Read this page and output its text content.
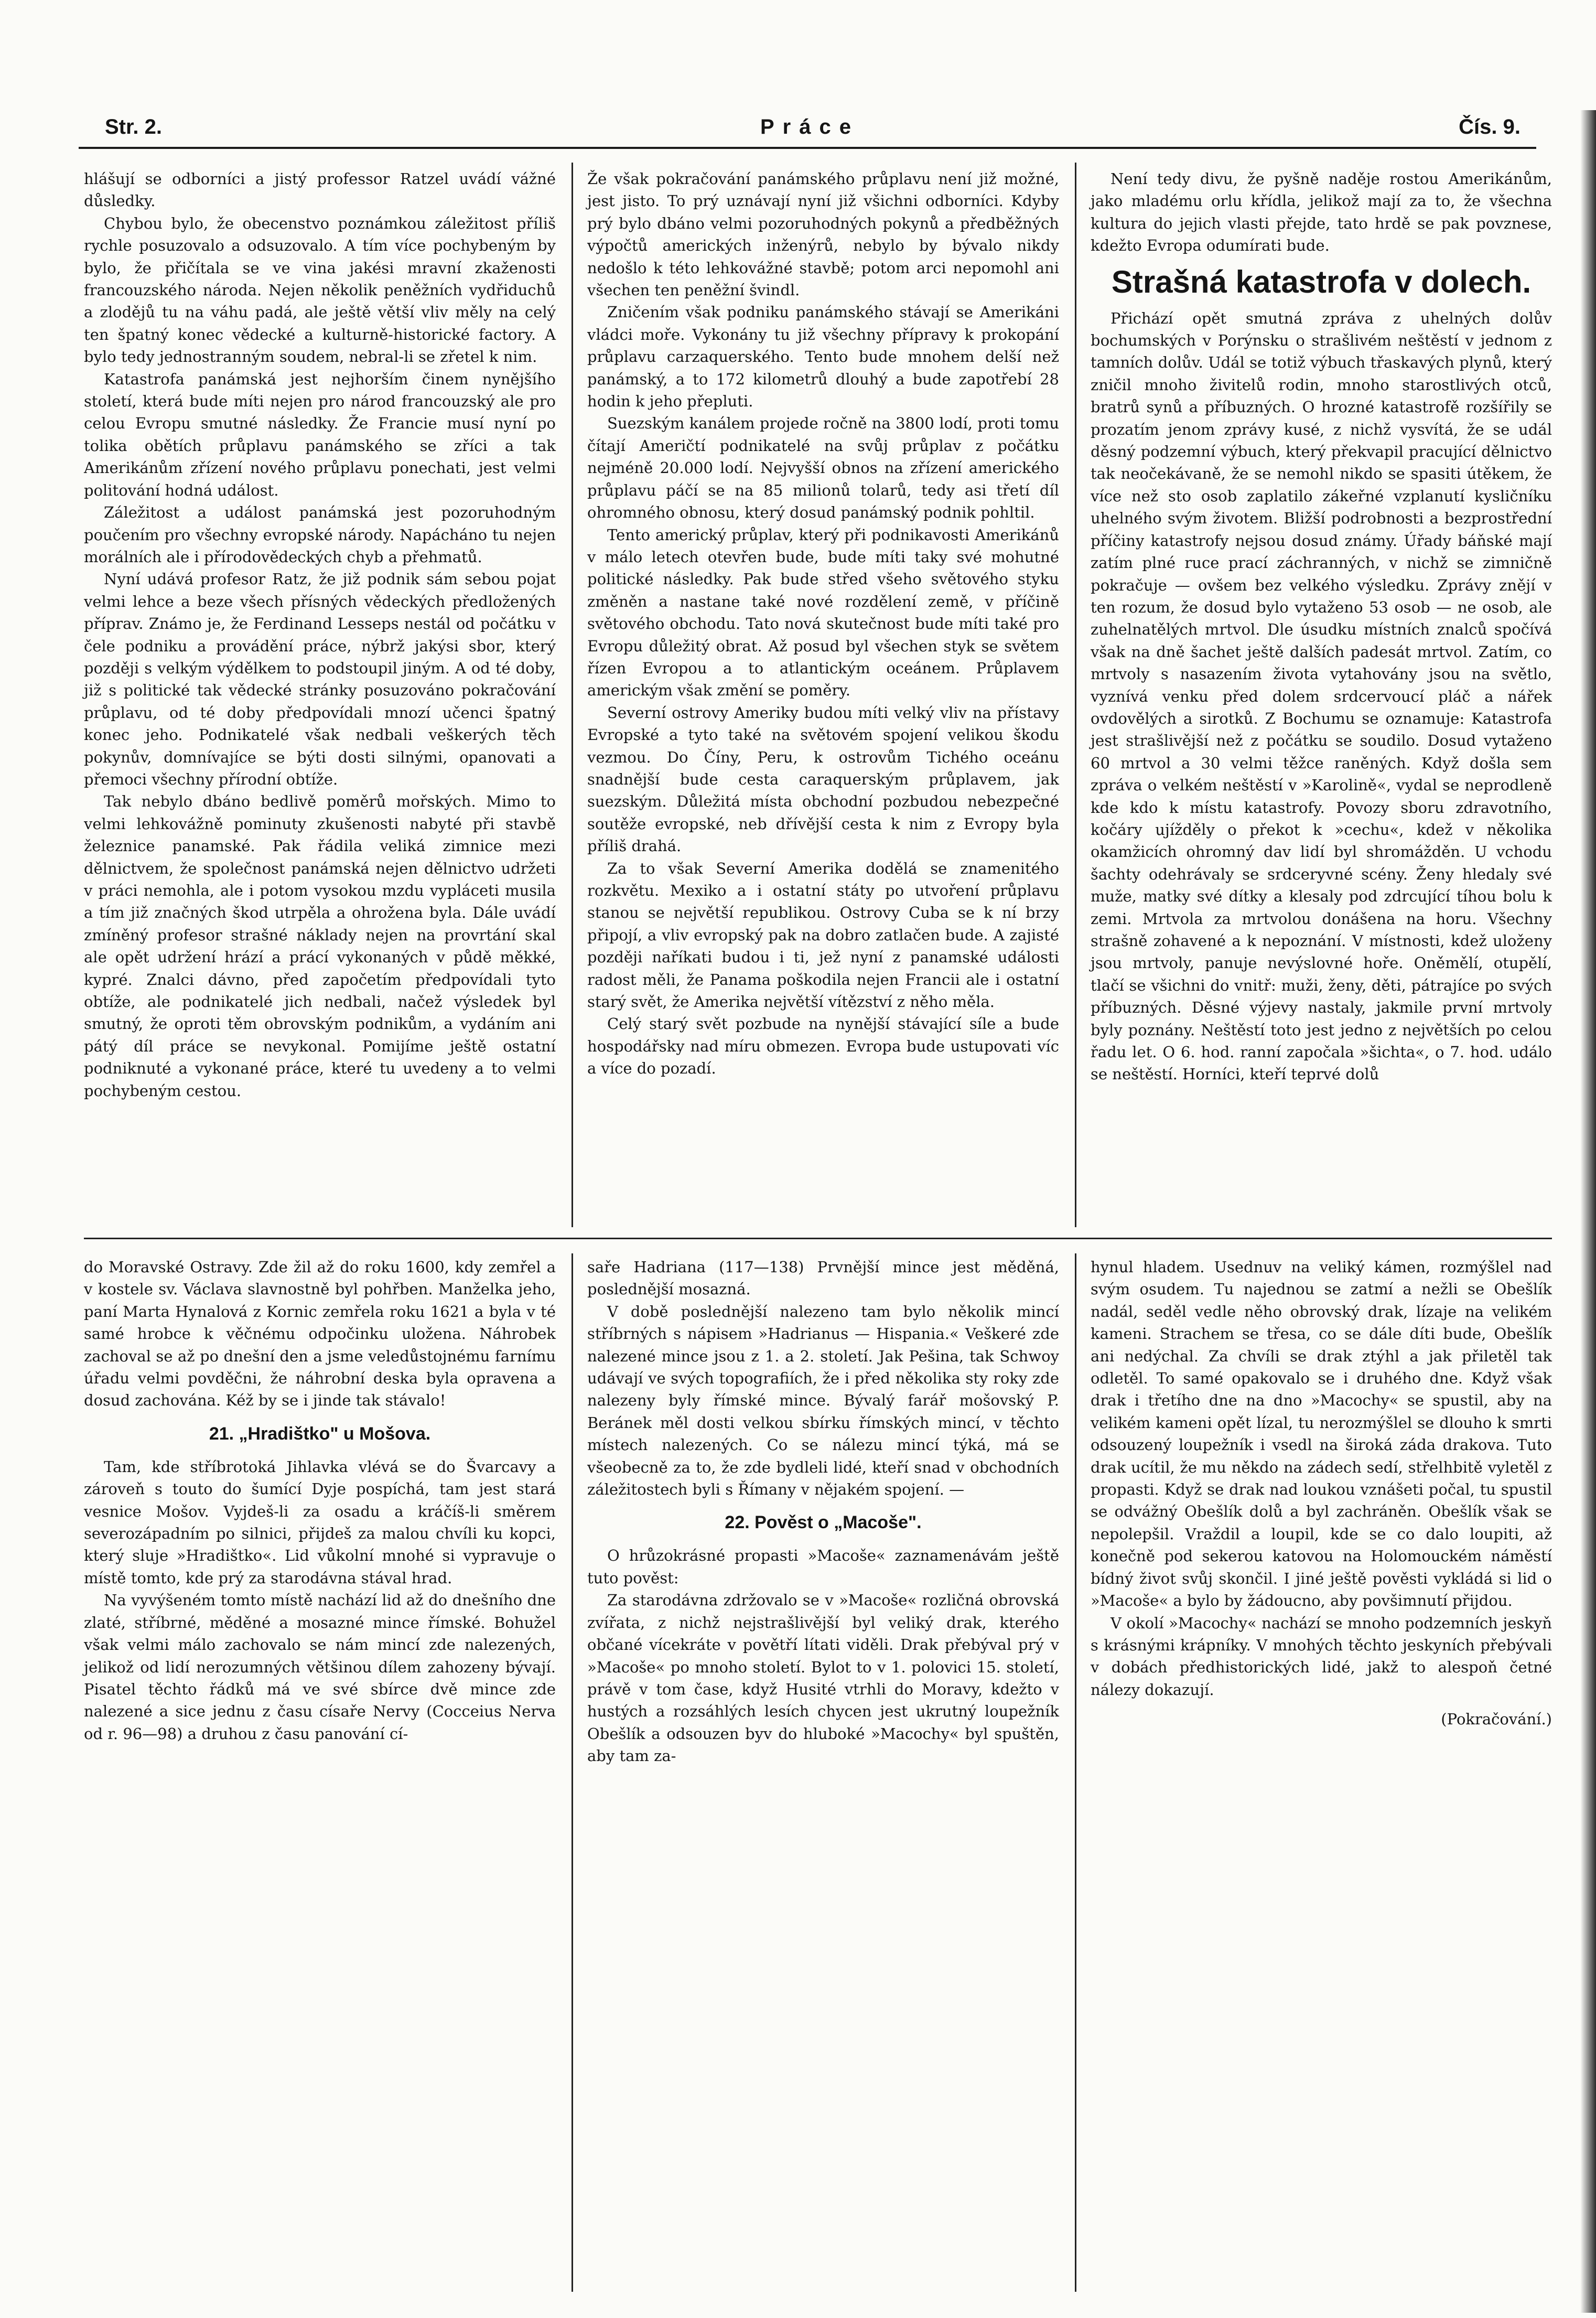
Str. 2.	Práce	Čís. 9.

hlášují se odborníci a jistý professor Ratzel uvádí vážné důsledky.

Chybou bylo, že obecenstvo poznámkou záležitost příliš rychle posuzovalo a odsuzovalo. A tím více pochybeným by bylo, že přičítala se ve vina jakési mravní zkaženosti francouzského národa. Nejen několik peněžních vydřiduchů a zlodějů tu na váhu padá, ale ještě větší vliv měly na celý ten špatný konec vědecké a kulturně-historické factory. A bylo tedy jednostranným soudem, nebral-li se zřetel k nim.

Katastrofa panámská jest nejhorším činem nynějšího století, která bude míti nejen pro národ francouzský ale pro celou Evropu smutné následky. Že Francie musí nyní po tolika obětích průplavu panámského se zříci a tak Amerikánům zřízení nového průplavu ponechati, jest velmi politování hodná událost.

Záležitost a událost panámská jest pozoruhodným poučením pro všechny evropské národy. Napácháno tu nejen morálních ale i přírodovědeckých chyb a přehmatů.

Nyní udává profesor Ratz, že již podnik sám sebou pojat velmi lehce a beze všech přísných vědeckých předložených příprav. Známo je, že Ferdinand Lesseps nestál od počátku v čele podniku a provádění práce, nýbrž jakýsi sbor, který později s velkým výdělkem to podstoupil jiným. A od té doby, již s politické tak vědecké stránky posuzováno pokračování průplavu, od té doby předpovídali mnozí učenci špatný konec jeho. Podnikatelé však nedbali veškerých těch pokynův, domnívajíce se býti dosti silnými, opanovati a přemoci všechny přírodní obtíže.

Tak nebylo dbáno bedlivě poměrů mořských. Mimo to velmi lehkovážně pominuty zkušenosti nabyté při stavbě železnice panamské. Pak řádila veliká zimnice mezi dělnictvem, že společnost panámská nejen dělnictvo udržeti v práci nemohla, ale i potom vysokou mzdu vypláceti musila a tím již značných škod utrpěla a ohrožena byla. Dále uvádí zmíněný profesor strašné náklady nejen na provrtání skal ale opět udržení hrází a prácí vykonaných v půdě měkké, kypré. Znalci dávno, před započetím předpovídali tyto obtíže, ale podnikatelé jich nedbali, načež výsledek byl smutný, že oproti těm obrovským podnikům, a vydáním ani pátý díl práce se nevykonal. Pomijíme ještě ostatní podniknuté a vykonané práce, které tu uvedeny a to velmi pochybeným cestou.

Že však pokračování panámského průplavu není již možné, jest jisto. To prý uznávají nyní již všichni odborníci. Kdyby prý bylo dbáno velmi pozoruhodných pokynů a předběžných výpočtů amerických inženýrů, nebylo by bývalo nikdy nedošlo k této lehkovážné stavbě; potom arci nepomohl ani všechen ten peněžní švindl.

Zničením však podniku panámského stávají se Amerikáni vládci moře. Vykonány tu již všechny přípravy k prokopání průplavu carzaquerského. Tento bude mnohem delší než panámský, a to 172 kilometrů dlouhý a bude zapotřebí 28 hodin k jeho přepluti.

Suezským kanálem projede ročně na 3800 lodí, proti tomu čítají Američtí podnikatelé na svůj průplav z počátku nejméně 20.000 lodí. Nejvyšší obnos na zřízení amerického průplavu páčí se na 85 milionů tolarů, tedy asi třetí díl ohromného obnosu, který dosud panámský podnik pohltil.

Tento americký průplav, který při podnikavosti Amerikánů v málo letech otevřen bude, bude míti taky své mohutné politické následky. Pak bude střed všeho světového styku změněn a nastane také nové rozdělení země, v příčině světového obchodu. Tato nová skutečnost bude míti také pro Evropu důležitý obrat. Až posud byl všechen styk se světem řízen Evropou a to atlantickým oceánem. Průplavem americkým však změní se poměry.

Severní ostrovy Ameriky budou míti velký vliv na přístavy Evropské a tyto také na světovém spojení velikou škodu vezmou. Do Číny, Peru, k ostrovům Tichého oceánu snadnější bude cesta caraquerským průplavem, jak suezským. Důležitá místa obchodní pozbudou nebezpečné soutěže evropské, neb dřívější cesta k nim z Evropy byla příliš drahá.

Za to však Severní Amerika dodělá se znamenitého rozkvětu. Mexiko a i ostatní státy po utvoření průplavu stanou se největší republikou. Ostrovy Cuba se k ní brzy připojí, a vliv evropský pak na dobro zatlačen bude. A zajisté později naříkati budou i ti, jež nyní z panamské události radost měli, že Panama poškodila nejen Francii ale i ostatní starý svět, že Amerika největší vítězství z něho měla.

Celý starý svět pozbude na nynější stávající síle a bude hospodářsky nad míru obmezen. Evropa bude ustupovati víc a více do pozadí.

Není tedy divu, že pyšně naděje rostou Amerikánům, jako mladému orlu křídla, jelikož mají za to, že všechna kultura do jejich vlasti přejde, tato hrdě se pak povznese, kdežto Evropa odumírati bude.

Strašná katastrofa v dolech.

Přichází opět smutná zpráva z uhelných dolův bochumských v Porýnsku o strašlivém neštěstí v jednom z tamních dolův. Udál se totiž výbuch třaskavých plynů, který zničil mnoho živitelů rodin, mnoho starostlivých otců, bratrů synů a příbuzných. O hrozné katastrofě rozšířily se prozatím jenom zprávy kusé, z nichž vysvítá, že se udál děsný podzemní výbuch, který překvapil pracující dělnictvo tak neočekávaně, že se nemohl nikdo se spasiti útěkem, že více než sto osob zaplatilo zákeřné vzplanutí kysličníku uhelného svým životem. Bližší podrobnosti a bezprostřední příčiny katastrofy nejsou dosud známy. Úřady báňské mají zatím plné ruce prací záchranných, v nichž se zimničně pokračuje — ovšem bez velkého výsledku. Zprávy znějí v ten rozum, že dosud bylo vytaženo 53 osob — ne osob, ale zuhelnatělých mrtvol. Dle úsudku místních znalců spočívá však na dně šachet ještě dalších padesát mrtvol. Zatím, co mrtvoly s nasazením života vytahovány jsou na světlo, vyznívá venku před dolem srdcervoucí pláč a nářek ovdovělých a sirotků. Z Bochumu se oznamuje: Katastrofa jest strašlivější než z počátku se soudilo. Dosud vytaženo 60 mrtvol a 30 velmi těžce raněných. Když došla sem zpráva o velkém neštěstí v »Karolině«, vydal se neprodleně kde kdo k místu katastrofy. Povozy sboru zdravotního, kočáry ujížděly o překot k »cechu«, kdež v několika okamžicích ohromný dav lidí byl shromážděn. U vchodu šachty odehrávaly se srdceryvné scény. Ženy hledaly své muže, matky své dítky a klesaly pod zdrcující tíhou bolu k zemi. Mrtvola za mrtvolou donášena na horu. Všechny strašně zohavené a k nepoznání. V místnosti, kdež uloženy jsou mrtvoly, panuje nevýslovné hoře. Oněmělí, otupělí, tlačí se všichni do vnitř: muži, ženy, děti, pátrajíce po svých příbuzných. Děsné výjevy nastaly, jakmile první mrtvoly byly poznány. Neštěstí toto jest jedno z největších po celou řadu let. O 6. hod. ranní započala »šichta«, o 7. hod. událo se neštěstí. Horníci, kteří teprvé dolů

do Moravské Ostravy. Zde žil až do roku 1600, kdy zemřel a v kostele sv. Václava slavnostně byl pohřben. Manželka jeho, paní Marta Hynalová z Kornic zemřela roku 1621 a byla v té samé hrobce k věčnému odpočinku uložena. Náhrobek zachoval se až po dnešní den a jsme veledůstojnému farnímu úřadu velmi povděčni, že náhrobní deska byla opravena a dosud zachována. Kéž by se i jinde tak stávalo!

21. „Hradištko" u Mošova.

Tam, kde stříbrotoká Jihlavka vlévá se do Švarcavy a zároveň s touto do šumící Dyje pospíchá, tam jest stará vesnice Mošov. Vyjdeš-li za osadu a kráčíš-li směrem severozápadním po silnici, přijdeš za malou chvíli ku kopci, který sluje »Hradištko«. Lid vůkolní mnohé si vypravuje o místě tomto, kde prý za starodávna stával hrad.

Na vyvýšeném tomto místě nachází lid až do dnešního dne zlaté, stříbrné, měděné a mosazné mince římské. Bohužel však velmi málo zachovalo se nám mincí zde nalezených, jelikož od lidí nerozumných většinou dílem zahozeny bývají. Pisatel těchto řádků má ve své sbírce dvě mince zde nalezené a sice jednu z času císaře Nervy (Cocceius Nerva od r. 96—98) a druhou z času panování cí-

saře Hadriana (117—138) Prvnější mince jest měděná, poslednější mosazná.

V době poslednější nalezeno tam bylo několik mincí stříbrných s nápisem »Hadrianus — Hispania.« Veškeré zde nalezené mince jsou z 1. a 2. století. Jak Pešina, tak Schwoy udávají ve svých topografiích, že i před několika sty roky zde nalezeny byly římské mince. Bývalý farář mošovský P. Beránek měl dosti velkou sbírku římských mincí, v těchto místech nalezených. Co se nálezu mincí týká, má se všeobecně za to, že zde bydleli lidé, kteří snad v obchodních záležitostech byli s Římany v nějakém spojení. —

22. Pověst o „Macoše".

O hrůzokrásné propasti »Macoše« zaznamenávám ještě tuto pověst:

Za starodávna zdržovalo se v »Macoše« rozličná obrovská zvířata, z nichž nejstrašlivější byl veliký drak, kterého občané vícekráte v povětří lítati viděli. Drak přebýval prý v »Macoše« po mnoho století. Bylot to v 1. polovici 15. století, právě v tom čase, když Husité vtrhli do Moravy, kdežto v hustých a rozsáhlých lesích chycen jest ukrutný loupežník Obešlík a odsouzen byv do hluboké »Macochy« byl spuštěn, aby tam za-

hynul hladem. Usednuv na veliký kámen, rozmýšlel nad svým osudem. Tu najednou se zatmí a nežli se Obešlík nadál, seděl vedle něho obrovský drak, lízaje na velikém kameni. Strachem se třesa, co se dále díti bude, Obešlík ani nedýchal. Za chvíli se drak ztýhl a jak přiletěl tak odletěl. To samé opakovalo se i druhého dne. Když však drak i třetího dne na dno »Macochy« se spustil, aby na velikém kameni opět lízal, tu nerozmýšlel se dlouho k smrti odsouzený loupežník i vsedl na široká záda drakova. Tuto drak ucítil, že mu někdo na zádech sedí, střelhbitě vyletěl z propasti. Když se drak nad loukou vznášeti počal, tu spustil se odvážný Obešlík dolů a byl zachráněn. Obešlík však se nepolepšil. Vraždil a loupil, kde se co dalo loupiti, až konečně pod sekerou katovou na Holomouckém náměstí bídný život svůj skončil. I jiné ještě pověsti vykládá si lid o »Macoše« a bylo by žádoucno, aby povšimnutí přijdou.

V okolí »Macochy« nachází se mnoho podzemních jeskyň s krásnými krápníky. V mnohých těchto jeskyních přebývali v dobách předhistorických lidé, jakž to alespoň četné nálezy dokazují.

(Pokračování.)
